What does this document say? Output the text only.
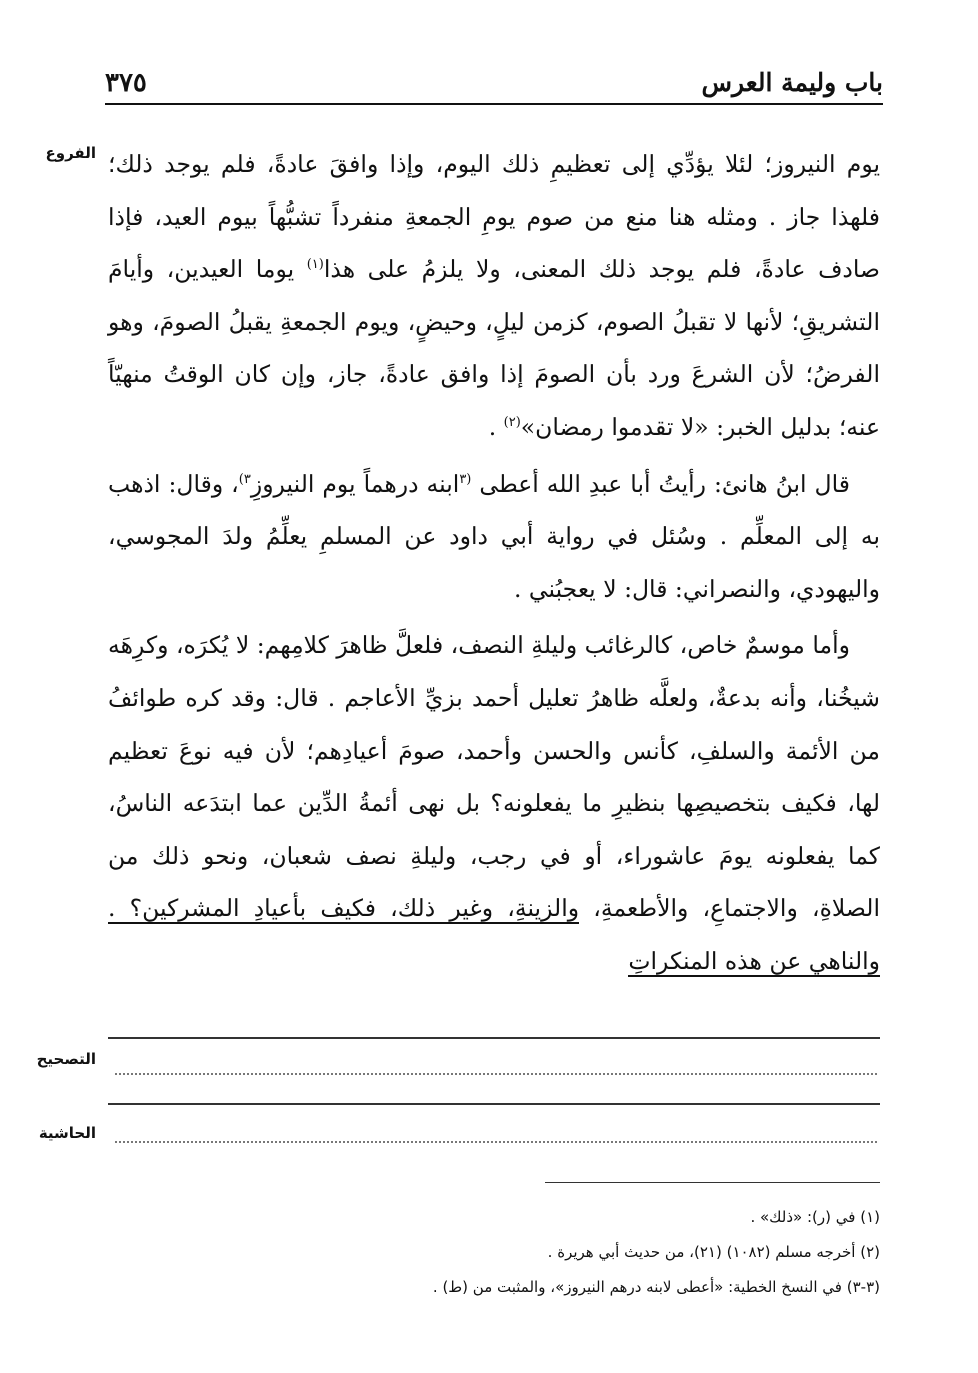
باب وليمة العرس
٣٧٥
الفروع يوم النيروز؛ لئلا يؤدِّي إلى تعظيمِ ذلك اليوم، وإذا وافقَ عادةً، فلم يوجد ذلك؛ فلهذا جاز . ومثله هنا منع من صوم يومِ الجمعةِ منفرداً تشبُّهاً بيوم العيد، فإذا صادف عادةً، فلم يوجد ذلك المعنى، ولا يلزمُ على هذا$^{(١)}$ يوما العيدين، وأيامَ التشريقِ؛ لأنها لا تقبلُ الصوم، كزمن ليلٍ، وحيضٍ، ويوم الجمعةِ يقبلُ الصومَ، وهو الفرضُ؛ لأن الشرعَ ورد بأن الصومَ إذا وافق عادةً، جاز، وإن كان الوقتُ منهيّاً عنه؛ بدليل الخبر: «لا تقدموا رمضان»$^{(٢)}$ .

قال ابنُ هانئ: رأيتُ أبا عبدِ الله أعطى $^{(٣}$ابنه درهماً يوم النيروزِ$^{٣)}$، وقال: اذهب به إلى المعلِّم . وسُئل في رواية أبي داود عن المسلمِ يعلِّمُ ولدَ المجوسي، واليهودي، والنصراني: قال: لا يعجبُني .

وأما موسمٌ خاص، كالرغائب وليلةِ النصف، فلعلَّ ظاهرَ كلامِهم: لا يُكرَه، وكرِهَه شيخُنا، وأنه بدعةٌ، ولعلَّه ظاهرُ تعليل أحمد بزيِّ الأعاجم . قال: وقد كره طوائفُ من الأئمة والسلفِ، كأنس والحسن وأحمد، صومَ أعيادِهم؛ لأن فيه نوعَ تعظيم لها، فكيف بتخصيصِها بنظيرِ ما يفعلونه؟ بل نهى أئمةُ الدِّين عما ابتدَعه الناسُ، كما يفعلونه يومَ عاشوراء، أو في رجب، وليلةِ نصف شعبان، ونحو ذلك من الصلاةِ، والاجتماعِ، والأطعمةِ، والزينةِ، وغير ذلك، فكيف بأعيادِ المشركين؟ . والناهي عن هذه المنكراتِ

التصحيح
الحاشية
(١) في (ر): «ذلك» .
(٢) أخرجه مسلم (١٠٨٢) (٢١)، من حديث أبي هريرة .
(٣-٣) في النسخ الخطية: «أعطى لابنه درهم النيروز»، والمثبت من (ط) .
